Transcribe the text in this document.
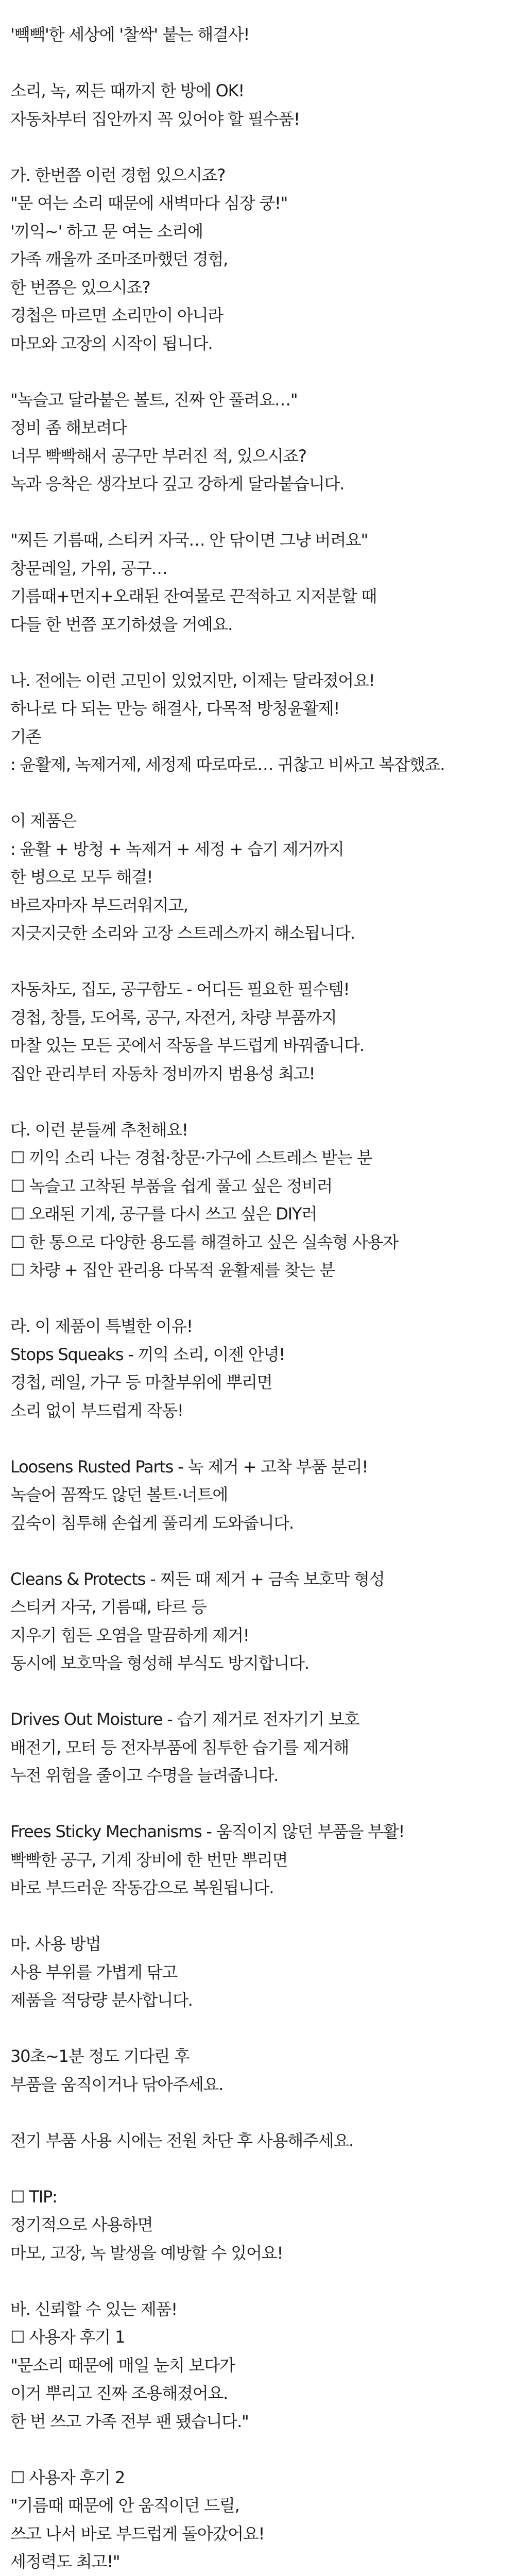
'빽빽'한 세상에 '찰싹' 붙는 해결사!
소리, 녹, 찌든 때까지 한 방에 OK!
자동차부터 집안까지 꼭 있어야 할 필수품!
가. 한번쯤 이런 경험 있으시죠?
"문 여는 소리 때문에 새벽마다 심장 쿵!"
'끼익~' 하고 문 여는 소리에
가족 깨울까 조마조마했던 경험,
한 번쯤은 있으시죠?
경첩은 마르면 소리만이 아니라
마모와 고장의 시작이 됩니다.
"녹슬고 달라붙은 볼트, 진짜 안 풀려요…"
정비 좀 해보려다
너무 빡빡해서 공구만 부러진 적, 있으시죠?
녹과 응착은 생각보다 깊고 강하게 달라붙습니다.
"찌든 기름때, 스티커 자국… 안 닦이면 그냥 버려요"
창문레일, 가위, 공구…
기름때+먼지+오래된 잔여물로 끈적하고 지저분할 때
다들 한 번쯤 포기하셨을 거예요.
나. 전에는 이런 고민이 있었지만, 이제는 달라졌어요!
하나로 다 되는 만능 해결사, 다목적 방청윤활제!
기존
: 윤활제, 녹제거제, 세정제 따로따로… 귀찮고 비싸고 복잡했죠.
이 제품은
: 윤활 + 방청 + 녹제거 + 세정 + 습기 제거까지
한 병으로 모두 해결!
바르자마자 부드러워지고,
지긋지긋한 소리와 고장 스트레스까지 해소됩니다.
자동차도, 집도, 공구함도 - 어디든 필요한 필수템!
경첩, 창틀, 도어록, 공구, 자전거, 차량 부품까지
마찰 있는 모든 곳에서 작동을 부드럽게 바꿔줍니다.
집안 관리부터 자동차 정비까지 범용성 최고!
다. 이런 분들께 추천해요!
☐ 끼익 소리 나는 경첩·창문·가구에 스트레스 받는 분
☐ 녹슬고 고착된 부품을 쉽게 풀고 싶은 정비러
☐ 오래된 기계, 공구를 다시 쓰고 싶은 DIY러
☐ 한 통으로 다양한 용도를 해결하고 싶은 실속형 사용자
☐ 차량 + 집안 관리용 다목적 윤활제를 찾는 분
라. 이 제품이 특별한 이유!
Stops Squeaks - 끼익 소리, 이젠 안녕!
경첩, 레일, 가구 등 마찰부위에 뿌리면
소리 없이 부드럽게 작동!
Loosens Rusted Parts - 녹 제거 + 고착 부품 분리!
녹슬어 꼼짝도 않던 볼트·너트에
깊숙이 침투해 손쉽게 풀리게 도와줍니다.
Cleans & Protects - 찌든 때 제거 + 금속 보호막 형성
스티커 자국, 기름때, 타르 등
지우기 힘든 오염을 말끔하게 제거!
동시에 보호막을 형성해 부식도 방지합니다.
Drives Out Moisture - 습기 제거로 전자기기 보호
배전기, 모터 등 전자부품에 침투한 습기를 제거해
누전 위험을 줄이고 수명을 늘려줍니다.
Frees Sticky Mechanisms - 움직이지 않던 부품을 부활!
빡빡한 공구, 기계 장비에 한 번만 뿌리면
바로 부드러운 작동감으로 복원됩니다.
마. 사용 방법
사용 부위를 가볍게 닦고
제품을 적당량 분사합니다.
30초~1분 정도 기다린 후
부품을 움직이거나 닦아주세요.
전기 부품 사용 시에는 전원 차단 후 사용해주세요.
☐ TIP:
정기적으로 사용하면
마모, 고장, 녹 발생을 예방할 수 있어요!
바. 신뢰할 수 있는 제품!
☐ 사용자 후기 1
"문소리 때문에 매일 눈치 보다가
이거 뿌리고 진짜 조용해졌어요.
한 번 쓰고 가족 전부 팬 됐습니다."
☐ 사용자 후기 2
"기름때 때문에 안 움직이던 드릴,
쓰고 나서 바로 부드럽게 돌아갔어요!
세정력도 최고!"
